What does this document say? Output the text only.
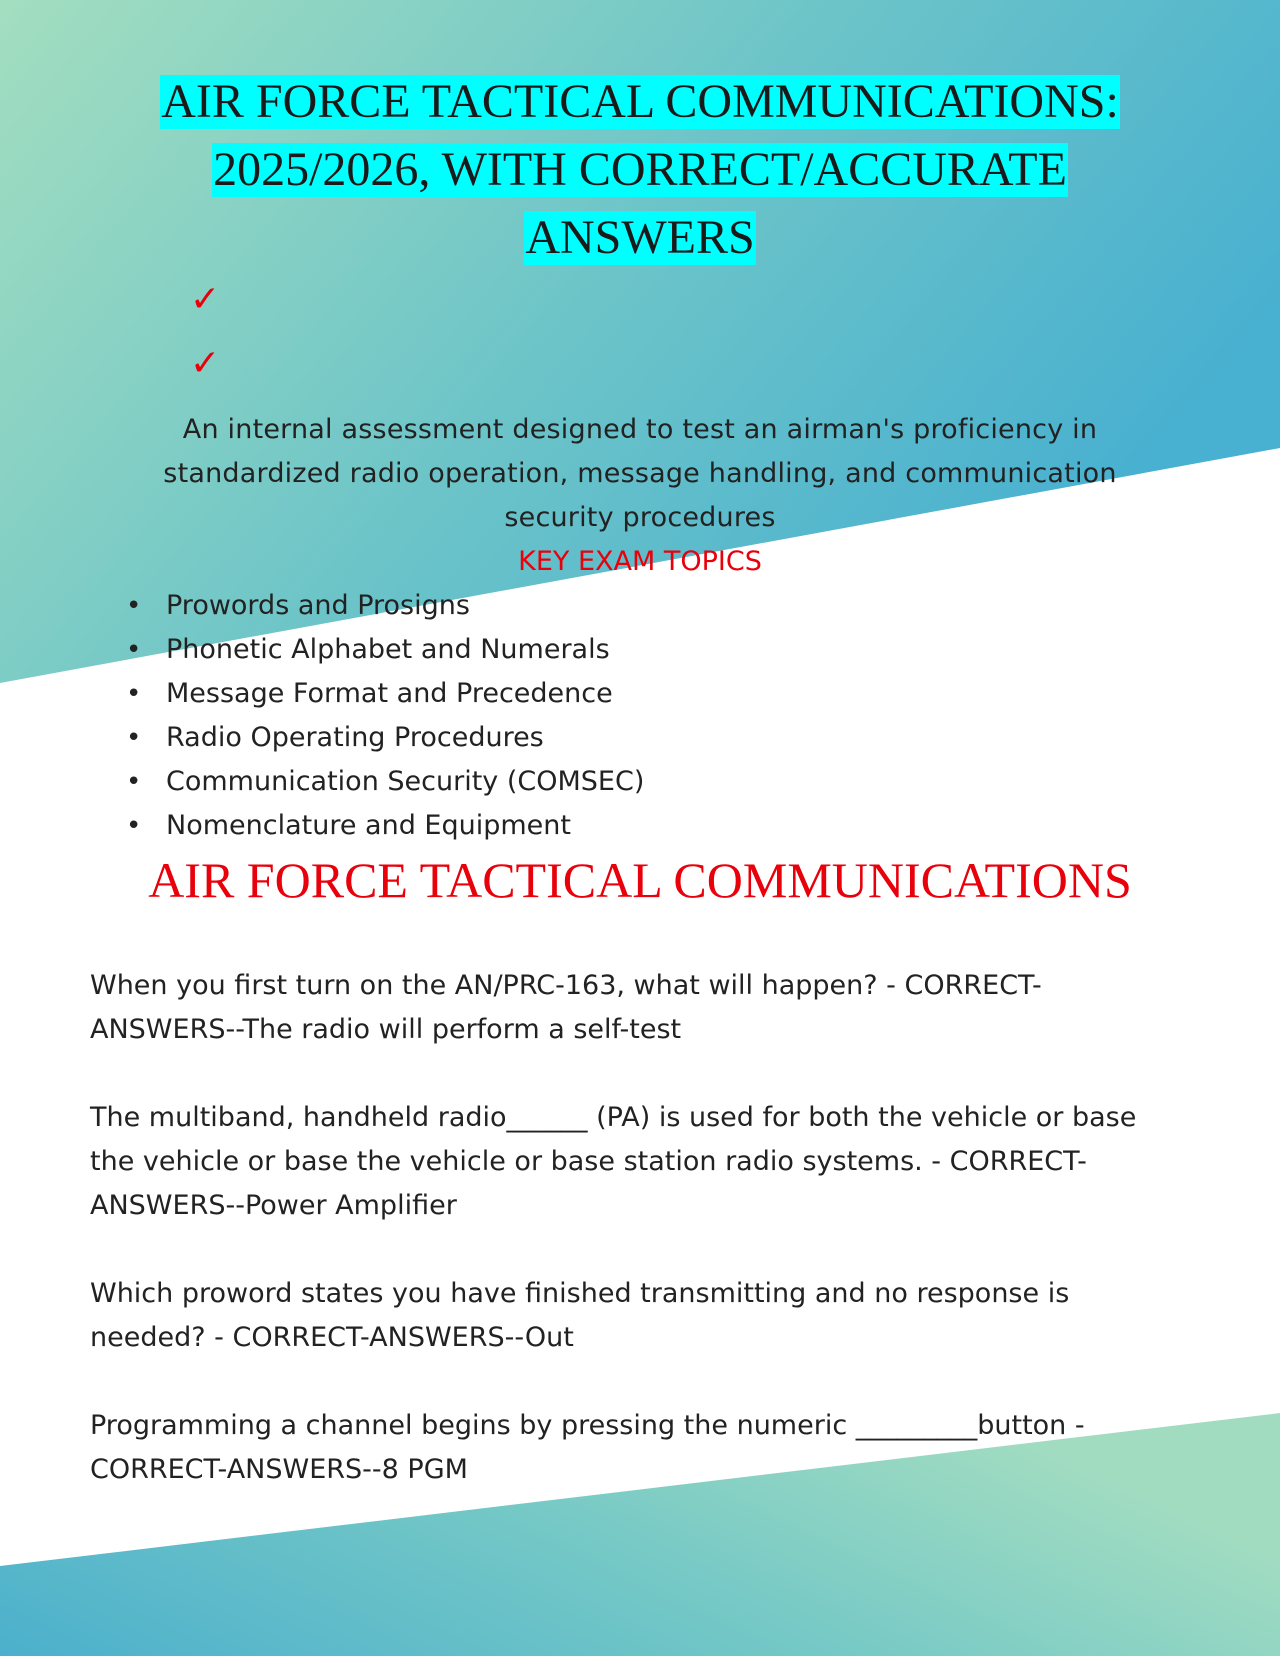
AIR FORCE TACTICAL COMMUNICATIONS:
2025/2026, WITH CORRECT/ACCURATE
ANSWERS
✓
✓

An internal assessment designed to test an airman's proficiency in standardized radio operation, message handling, and communication security procedures

KEY EXAM TOPICS
• Prowords and Prosigns
• Phonetic Alphabet and Numerals
• Message Format and Precedence
• Radio Operating Procedures
• Communication Security (COMSEC)
• Nomenclature and Equipment
AIR FORCE TACTICAL COMMUNICATIONS

When you first turn on the AN/PRC-163, what will happen? - CORRECT-ANSWERS--The radio will perform a self-test

The multiband, handheld radio______ (PA) is used for both the vehicle or base the vehicle or base the vehicle or base station radio systems. - CORRECT-ANSWERS--Power Amplifier

Which proword states you have finished transmitting and no response is needed? - CORRECT-ANSWERS--Out

Programming a channel begins by pressing the numeric _________button - CORRECT-ANSWERS--8 PGM
